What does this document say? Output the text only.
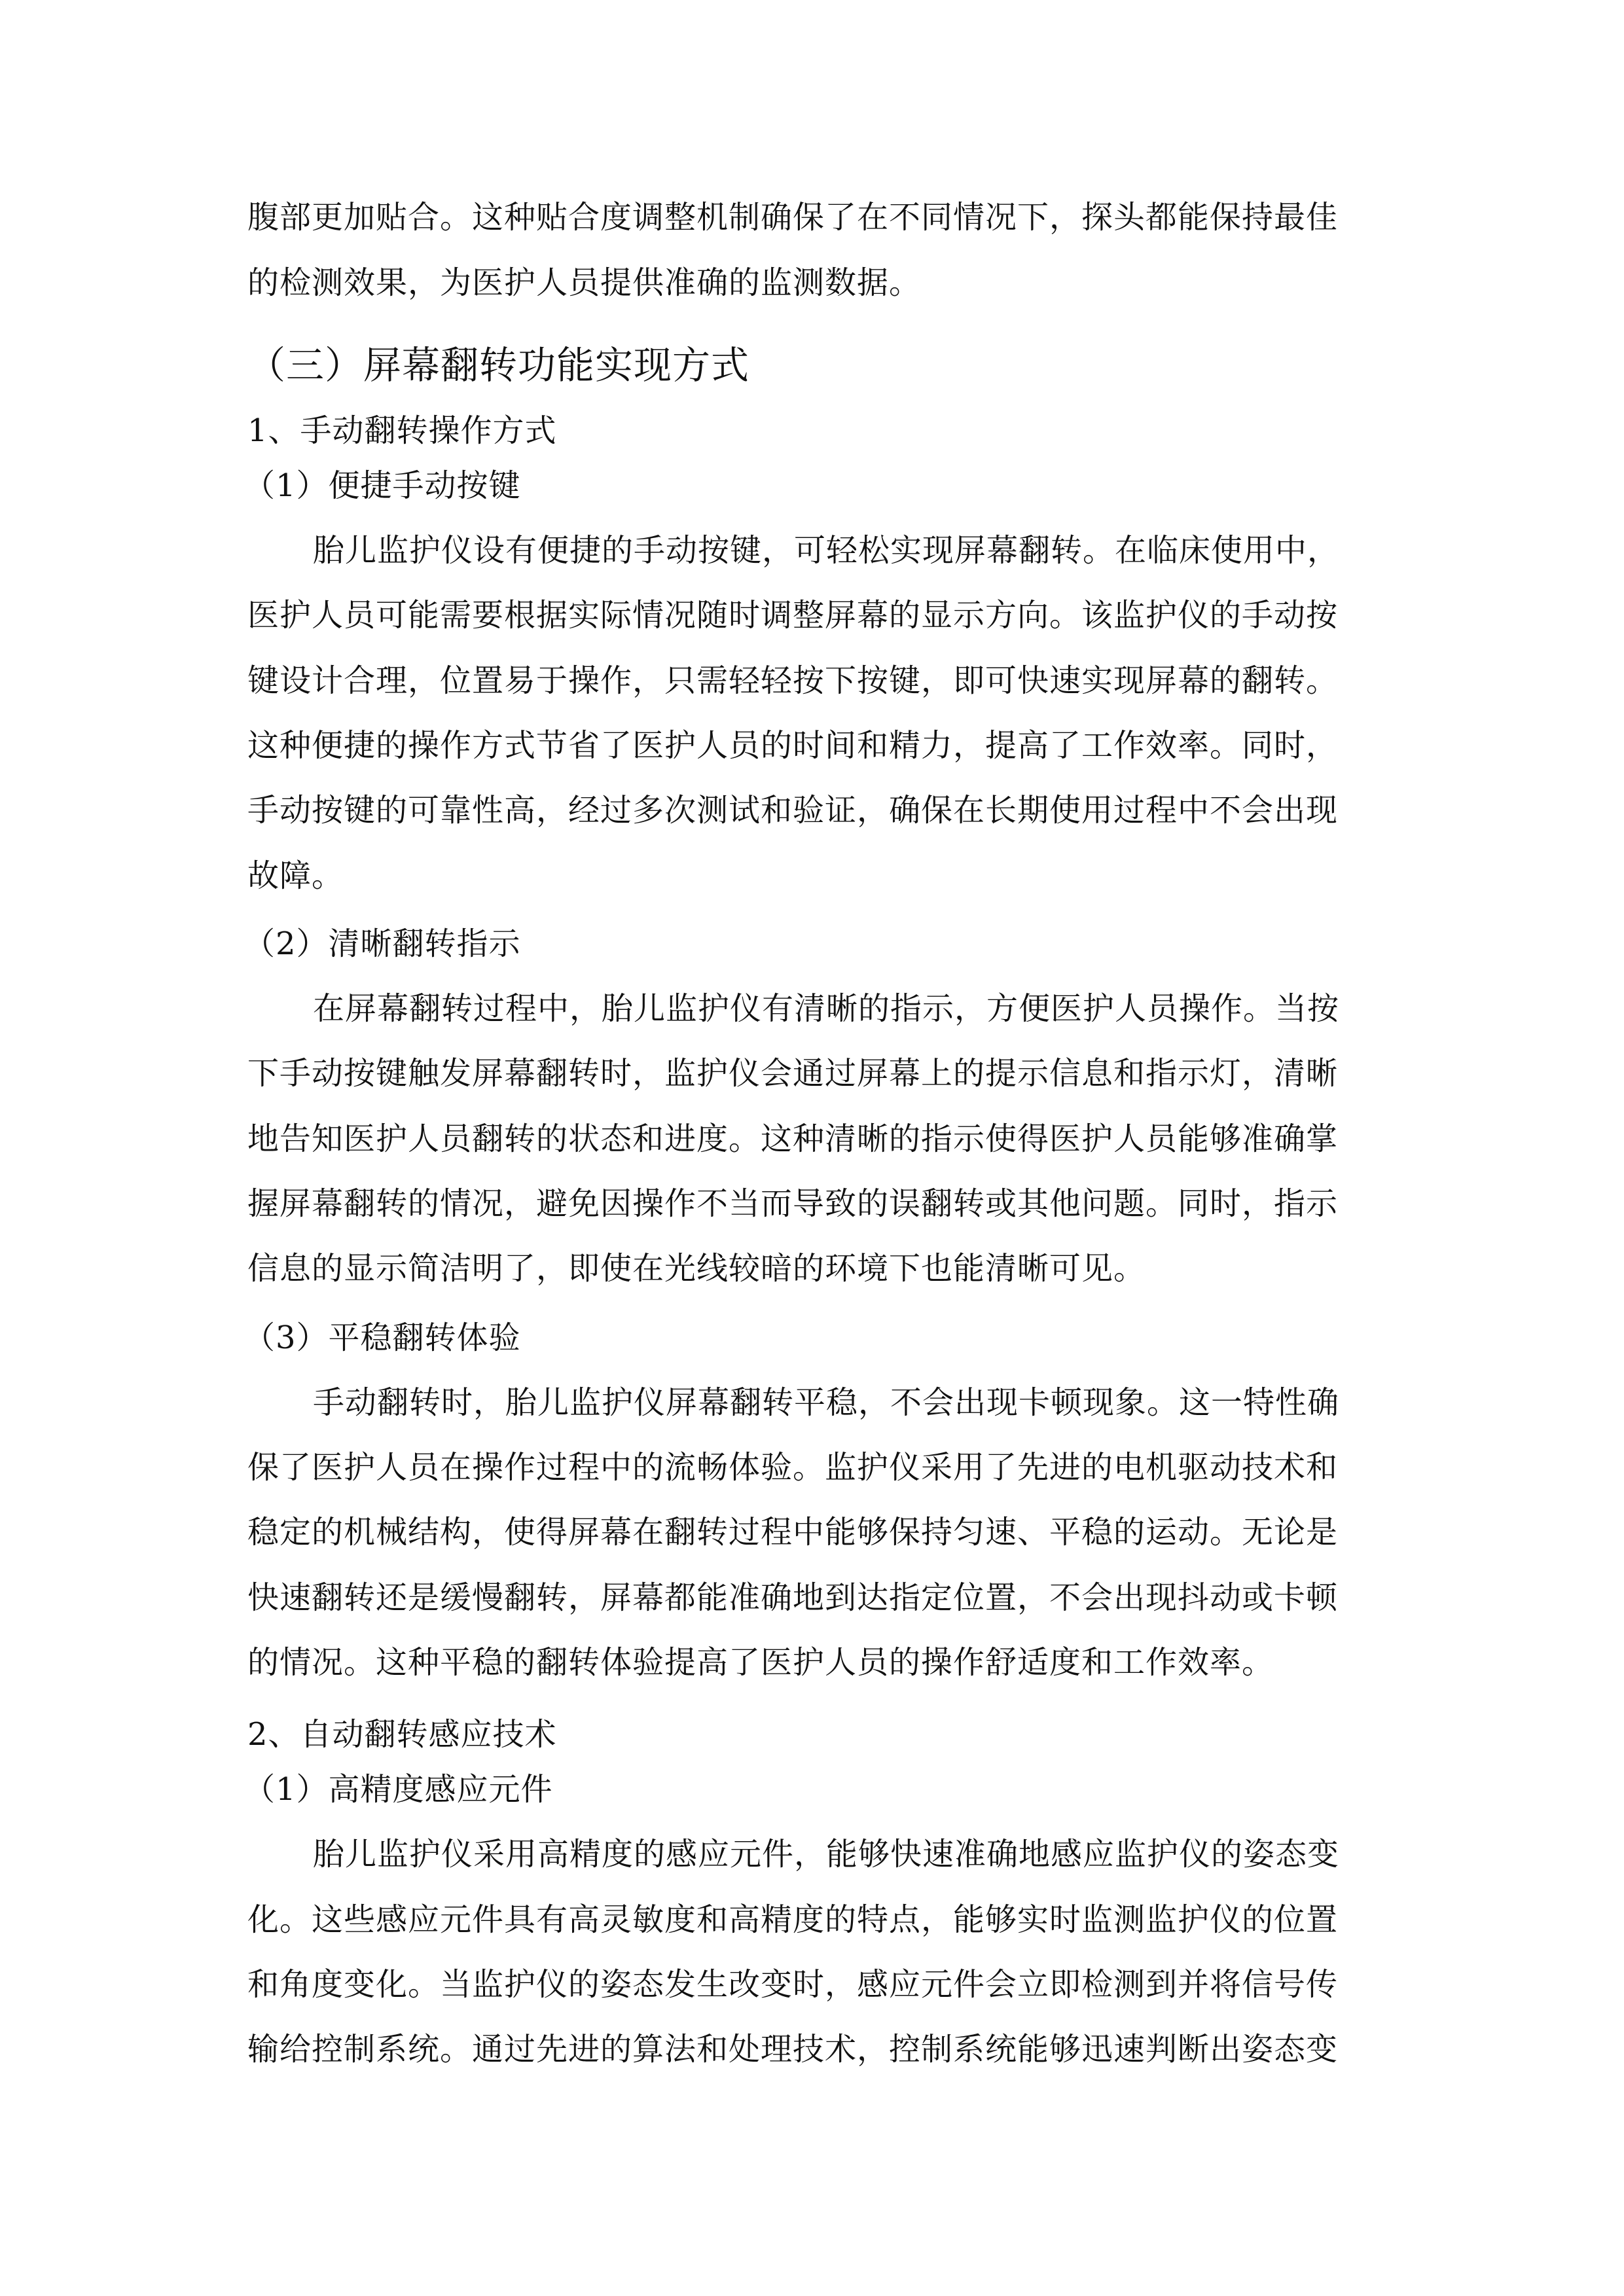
腹部更加贴合。这种贴合度调整机制确保了在不同情况下，探头都能保持最佳
的检测效果，为医护人员提供准确的监测数据。
（三）屏幕翻转功能实现方式
1、手动翻转操作方式
（1）便捷手动按键
胎儿监护仪设有便捷的手动按键，可轻松实现屏幕翻转。在临床使用中，
医护人员可能需要根据实际情况随时调整屏幕的显示方向。该监护仪的手动按
键设计合理，位置易于操作，只需轻轻按下按键，即可快速实现屏幕的翻转。
这种便捷的操作方式节省了医护人员的时间和精力，提高了工作效率。同时，
手动按键的可靠性高，经过多次测试和验证，确保在长期使用过程中不会出现
故障。
（2）清晰翻转指示
在屏幕翻转过程中，胎儿监护仪有清晰的指示，方便医护人员操作。当按
下手动按键触发屏幕翻转时，监护仪会通过屏幕上的提示信息和指示灯，清晰
地告知医护人员翻转的状态和进度。这种清晰的指示使得医护人员能够准确掌
握屏幕翻转的情况，避免因操作不当而导致的误翻转或其他问题。同时，指示
信息的显示简洁明了，即使在光线较暗的环境下也能清晰可见。
（3）平稳翻转体验
手动翻转时，胎儿监护仪屏幕翻转平稳，不会出现卡顿现象。这一特性确
保了医护人员在操作过程中的流畅体验。监护仪采用了先进的电机驱动技术和
稳定的机械结构，使得屏幕在翻转过程中能够保持匀速、平稳的运动。无论是
快速翻转还是缓慢翻转，屏幕都能准确地到达指定位置，不会出现抖动或卡顿
的情况。这种平稳的翻转体验提高了医护人员的操作舒适度和工作效率。
2、自动翻转感应技术
（1）高精度感应元件
胎儿监护仪采用高精度的感应元件，能够快速准确地感应监护仪的姿态变
化。这些感应元件具有高灵敏度和高精度的特点，能够实时监测监护仪的位置
和角度变化。当监护仪的姿态发生改变时，感应元件会立即检测到并将信号传
输给控制系统。通过先进的算法和处理技术，控制系统能够迅速判断出姿态变
